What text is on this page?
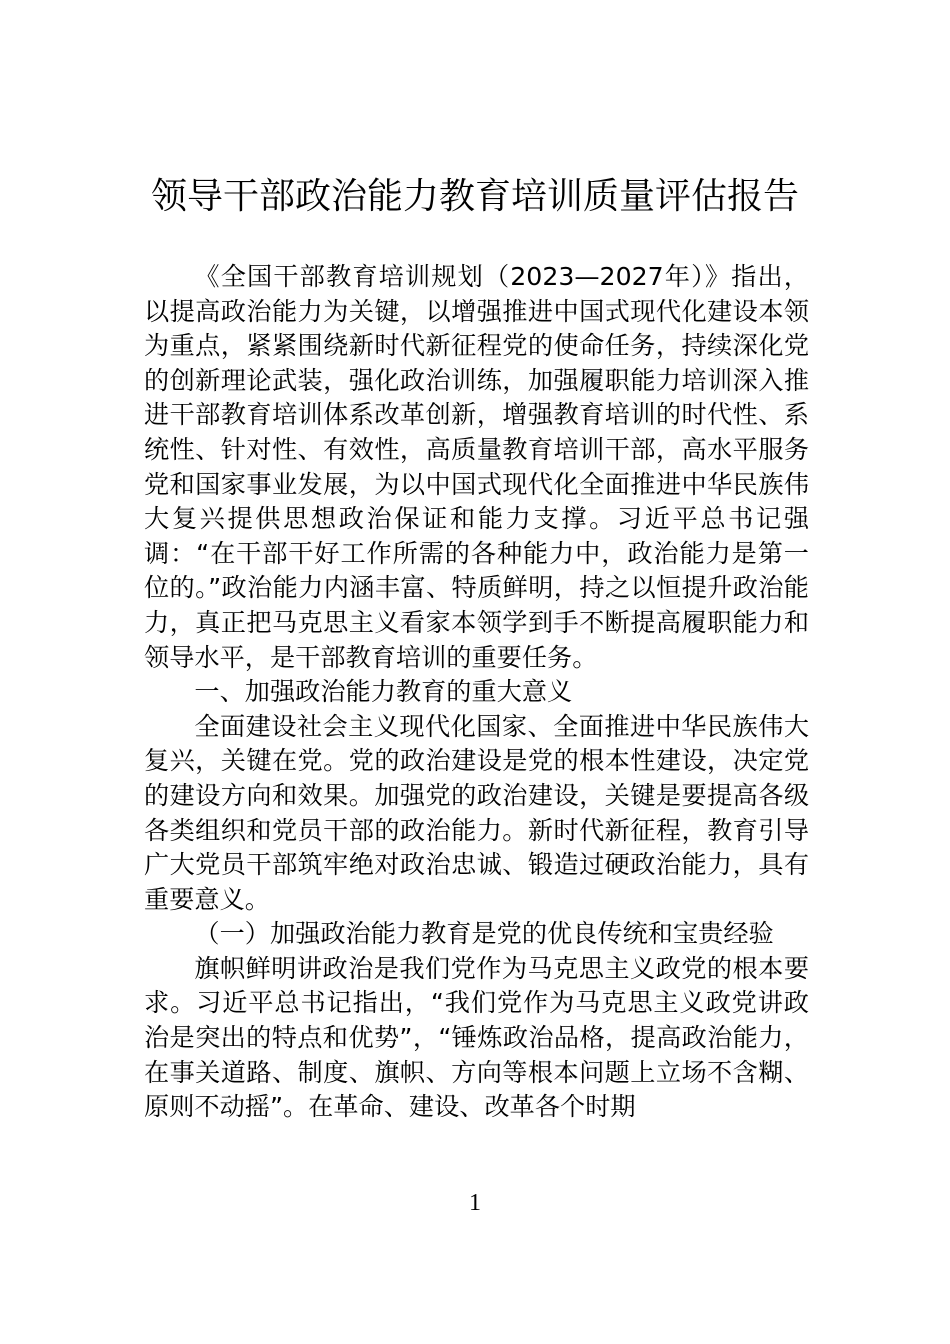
领导干部政治能力教育培训质量评估报告

《全国干部教育培训规划（2023—2027年）》指出，以提高政治能力为关键，以增强推进中国式现代化建设本领为重点，紧紧围绕新时代新征程党的使命任务，持续深化党的创新理论武装，强化政治训练，加强履职能力培训深入推进干部教育培训体系改革创新，增强教育培训的时代性、系统性、针对性、有效性，高质量教育培训干部，高水平服务党和国家事业发展，为以中国式现代化全面推进中华民族伟大复兴提供思想政治保证和能力支撑。习近平总书记强调：“在干部干好工作所需的各种能力中，政治能力是第一位的。”政治能力内涵丰富、特质鲜明，持之以恒提升政治能力，真正把马克思主义看家本领学到手不断提高履职能力和领导水平，是干部教育培训的重要任务。

一、加强政治能力教育的重大意义

全面建设社会主义现代化国家、全面推进中华民族伟大复兴，关键在党。党的政治建设是党的根本性建设，决定党的建设方向和效果。加强党的政治建设，关键是要提高各级各类组织和党员干部的政治能力。新时代新征程，教育引导广大党员干部筑牢绝对政治忠诚、锻造过硬政治能力，具有重要意义。

（一）加强政治能力教育是党的优良传统和宝贵经验

旗帜鲜明讲政治是我们党作为马克思主义政党的根本要求。习近平总书记指出，“我们党作为马克思主义政党讲政治是突出的特点和优势”，“锤炼政治品格，提高政治能力，在事关道路、制度、旗帜、方向等根本问题上立场不含糊、原则不动摇”。在革命、建设、改革各个时期

1
